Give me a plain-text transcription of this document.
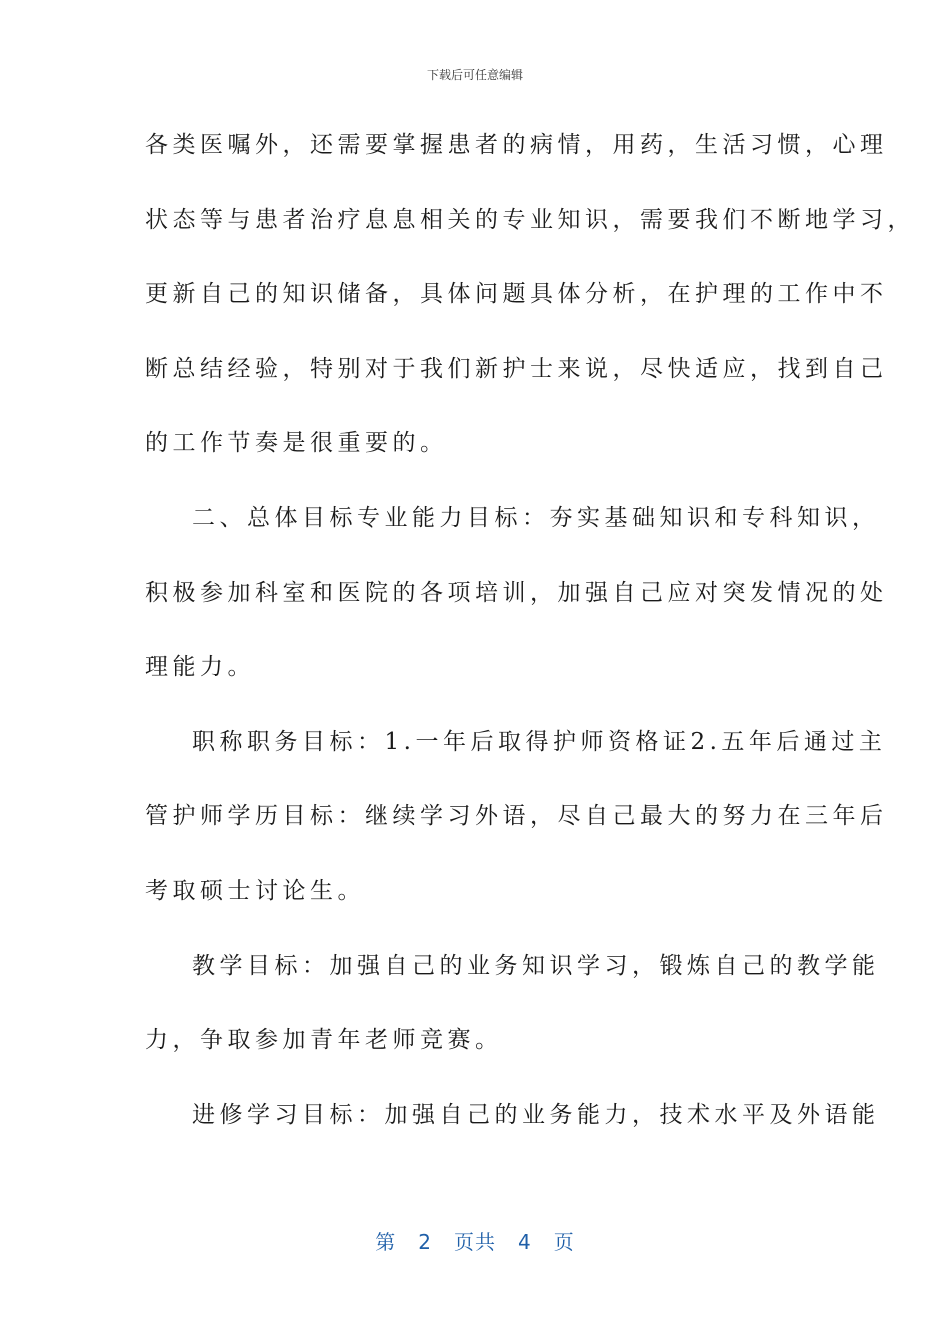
下载后可任意编辑
各类医嘱外，还需要掌握患者的病情，用药，生活习惯，心理
状态等与患者治疗息息相关的专业知识，需要我们不断地学习，
更新自己的知识储备，具体问题具体分析，在护理的工作中不
断总结经验，特别对于我们新护士来说，尽快适应，找到自己
的工作节奏是很重要的。
二、总体目标专业能力目标：夯实基础知识和专科知识，
积极参加科室和医院的各项培训，加强自己应对突发情况的处
理能力。
职称职务目标：1.一年后取得护师资格证2.五年后通过主
管护师学历目标：继续学习外语，尽自己最大的努力在三年后
考取硕士讨论生。
教学目标：加强自己的业务知识学习，锻炼自己的教学能
力，争取参加青年老师竞赛。
进修学习目标：加强自己的业务能力，技术水平及外语能
第 2 页共 4 页
